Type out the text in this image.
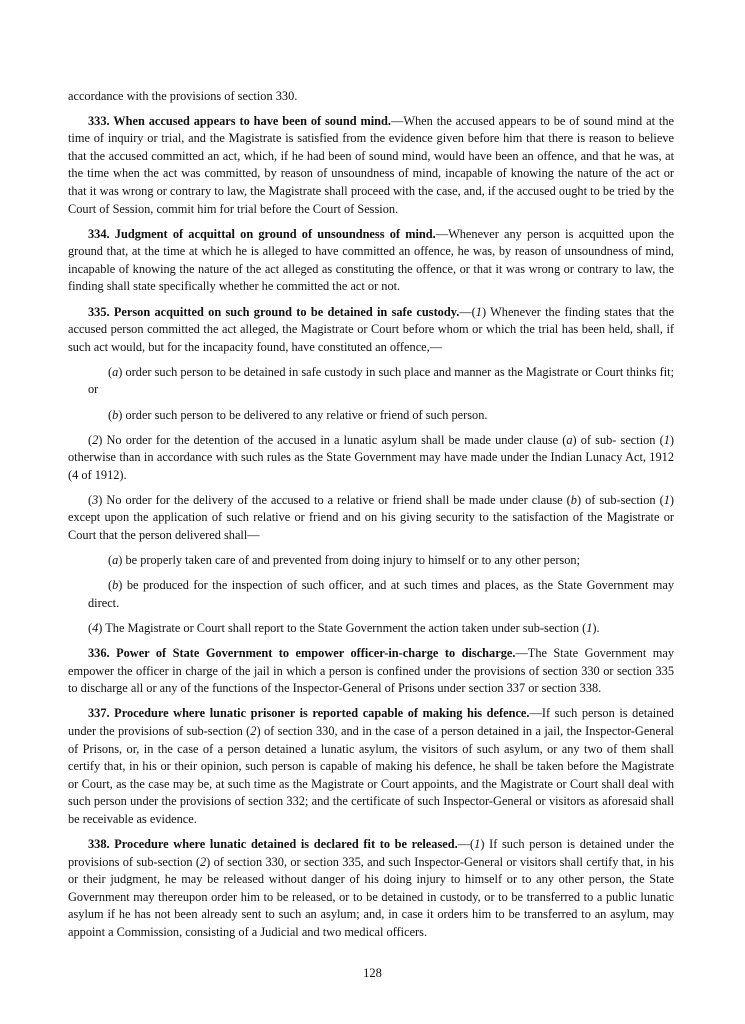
accordance with the provisions of section 330.

333. When accused appears to have been of sound mind.—When the accused appears to be of sound mind at the time of inquiry or trial, and the Magistrate is satisfied from the evidence given before him that there is reason to believe that the accused committed an act, which, if he had been of sound mind, would have been an offence, and that he was, at the time when the act was committed, by reason of unsoundness of mind, incapable of knowing the nature of the act or that it was wrong or contrary to law, the Magistrate shall proceed with the case, and, if the accused ought to be tried by the Court of Session, commit him for trial before the Court of Session.

334. Judgment of acquittal on ground of unsoundness of mind.—Whenever any person is acquitted upon the ground that, at the time at which he is alleged to have committed an offence, he was, by reason of unsoundness of mind, incapable of knowing the nature of the act alleged as constituting the offence, or that it was wrong or contrary to law, the finding shall state specifically whether he committed the act or not.

335. Person acquitted on such ground to be detained in safe custody.—(1) Whenever the finding states that the accused person committed the act alleged, the Magistrate or Court before whom or which the trial has been held, shall, if such act would, but for the incapacity found, have constituted an offence,—

(a) order such person to be detained in safe custody in such place and manner as the Magistrate or Court thinks fit; or

(b) order such person to be delivered to any relative or friend of such person.

(2) No order for the detention of the accused in a lunatic asylum shall be made under clause (a) of sub- section (1) otherwise than in accordance with such rules as the State Government may have made under the Indian Lunacy Act, 1912 (4 of 1912).

(3) No order for the delivery of the accused to a relative or friend shall be made under clause (b) of sub-section (1) except upon the application of such relative or friend and on his giving security to the satisfaction of the Magistrate or Court that the person delivered shall—

(a) be properly taken care of and prevented from doing injury to himself or to any other person;

(b) be produced for the inspection of such officer, and at such times and places, as the State Government may direct.

(4) The Magistrate or Court shall report to the State Government the action taken under sub-section (1).

336. Power of State Government to empower officer-in-charge to discharge.—The State Government may empower the officer in charge of the jail in which a person is confined under the provisions of section 330 or section 335 to discharge all or any of the functions of the Inspector-General of Prisons under section 337 or section 338.

337. Procedure where lunatic prisoner is reported capable of making his defence.—If such person is detained under the provisions of sub-section (2) of section 330, and in the case of a person detained in a jail, the Inspector-General of Prisons, or, in the case of a person detained a lunatic asylum, the visitors of such asylum, or any two of them shall certify that, in his or their opinion, such person is capable of making his defence, he shall be taken before the Magistrate or Court, as the case may be, at such time as the Magistrate or Court appoints, and the Magistrate or Court shall deal with such person under the provisions of section 332; and the certificate of such Inspector-General or visitors as aforesaid shall be receivable as evidence.

338. Procedure where lunatic detained is declared fit to be released.—(1) If such person is detained under the provisions of sub-section (2) of section 330, or section 335, and such Inspector-General or visitors shall certify that, in his or their judgment, he may be released without danger of his doing injury to himself or to any other person, the State Government may thereupon order him to be released, or to be detained in custody, or to be transferred to a public lunatic asylum if he has not been already sent to such an asylum; and, in case it orders him to be transferred to an asylum, may appoint a Commission, consisting of a Judicial and two medical officers.

128
